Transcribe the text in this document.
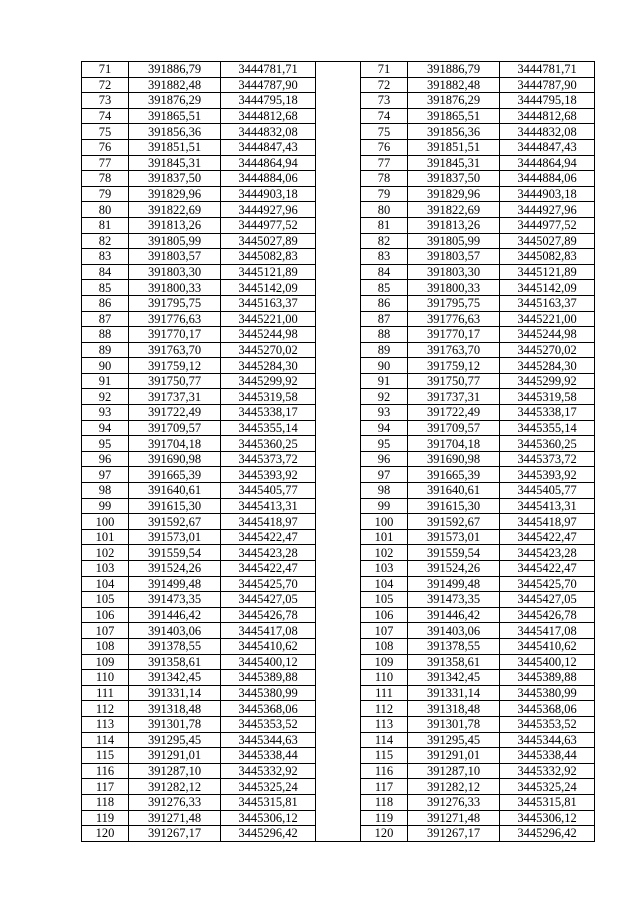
71	391886,79	3444781,71		71	391886,79	3444781,71
72	391882,48	3444787,90		72	391882,48	3444787,90
73	391876,29	3444795,18		73	391876,29	3444795,18
74	391865,51	3444812,68		74	391865,51	3444812,68
75	391856,36	3444832,08		75	391856,36	3444832,08
76	391851,51	3444847,43		76	391851,51	3444847,43
77	391845,31	3444864,94		77	391845,31	3444864,94
78	391837,50	3444884,06		78	391837,50	3444884,06
79	391829,96	3444903,18		79	391829,96	3444903,18
80	391822,69	3444927,96		80	391822,69	3444927,96
81	391813,26	3444977,52		81	391813,26	3444977,52
82	391805,99	3445027,89		82	391805,99	3445027,89
83	391803,57	3445082,83		83	391803,57	3445082,83
84	391803,30	3445121,89		84	391803,30	3445121,89
85	391800,33	3445142,09		85	391800,33	3445142,09
86	391795,75	3445163,37		86	391795,75	3445163,37
87	391776,63	3445221,00		87	391776,63	3445221,00
88	391770,17	3445244,98		88	391770,17	3445244,98
89	391763,70	3445270,02		89	391763,70	3445270,02
90	391759,12	3445284,30		90	391759,12	3445284,30
91	391750,77	3445299,92		91	391750,77	3445299,92
92	391737,31	3445319,58		92	391737,31	3445319,58
93	391722,49	3445338,17		93	391722,49	3445338,17
94	391709,57	3445355,14		94	391709,57	3445355,14
95	391704,18	3445360,25		95	391704,18	3445360,25
96	391690,98	3445373,72		96	391690,98	3445373,72
97	391665,39	3445393,92		97	391665,39	3445393,92
98	391640,61	3445405,77		98	391640,61	3445405,77
99	391615,30	3445413,31		99	391615,30	3445413,31
100	391592,67	3445418,97		100	391592,67	3445418,97
101	391573,01	3445422,47		101	391573,01	3445422,47
102	391559,54	3445423,28		102	391559,54	3445423,28
103	391524,26	3445422,47		103	391524,26	3445422,47
104	391499,48	3445425,70		104	391499,48	3445425,70
105	391473,35	3445427,05		105	391473,35	3445427,05
106	391446,42	3445426,78		106	391446,42	3445426,78
107	391403,06	3445417,08		107	391403,06	3445417,08
108	391378,55	3445410,62		108	391378,55	3445410,62
109	391358,61	3445400,12		109	391358,61	3445400,12
110	391342,45	3445389,88		110	391342,45	3445389,88
111	391331,14	3445380,99		111	391331,14	3445380,99
112	391318,48	3445368,06		112	391318,48	3445368,06
113	391301,78	3445353,52		113	391301,78	3445353,52
114	391295,45	3445344,63		114	391295,45	3445344,63
115	391291,01	3445338,44		115	391291,01	3445338,44
116	391287,10	3445332,92		116	391287,10	3445332,92
117	391282,12	3445325,24		117	391282,12	3445325,24
118	391276,33	3445315,81		118	391276,33	3445315,81
119	391271,48	3445306,12		119	391271,48	3445306,12
120	391267,17	3445296,42		120	391267,17	3445296,42
